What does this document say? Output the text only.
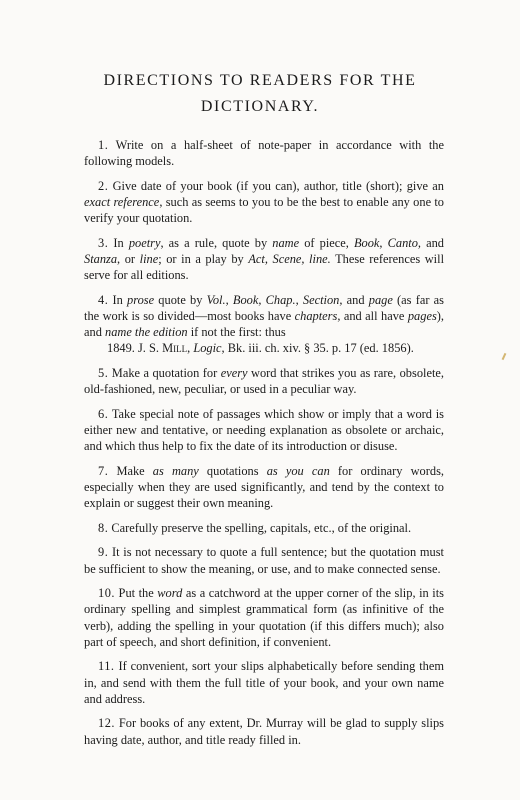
DIRECTIONS TO READERS FOR THE
DICTIONARY.

1. Write on a half-sheet of note-paper in accordance with the following models.

2. Give date of your book (if you can), author, title (short); give an exact reference, such as seems to you to be the best to enable any one to verify your quotation.

3. In poetry, as a rule, quote by name of piece, Book, Canto, and Stanza, or line; or in a play by Act, Scene, line. These references will serve for all editions.

4. In prose quote by Vol., Book, Chap., Section, and page (as far as the work is so divided—most books have chapters, and all have pages), and name the edition if not the first: thus
1849. J. S. Mill, Logic, Bk. iii. ch. xiv. § 35. p. 17 (ed. 1856).

5. Make a quotation for every word that strikes you as rare, obsolete, old-fashioned, new, peculiar, or used in a peculiar way.

6. Take special note of passages which show or imply that a word is either new and tentative, or needing explanation as obsolete or archaic, and which thus help to fix the date of its introduction or disuse.

7. Make as many quotations as you can for ordinary words, especially when they are used significantly, and tend by the context to explain or suggest their own meaning.

8. Carefully preserve the spelling, capitals, etc., of the original.

9. It is not necessary to quote a full sentence; but the quotation must be sufficient to show the meaning, or use, and to make connected sense.

10. Put the word as a catchword at the upper corner of the slip, in its ordinary spelling and simplest grammatical form (as infinitive of the verb), adding the spelling in your quotation (if this differs much); also part of speech, and short definition, if convenient.

11. If convenient, sort your slips alphabetically before sending them in, and send with them the full title of your book, and your own name and address.

12. For books of any extent, Dr. Murray will be glad to supply slips having date, author, and title ready filled in.
